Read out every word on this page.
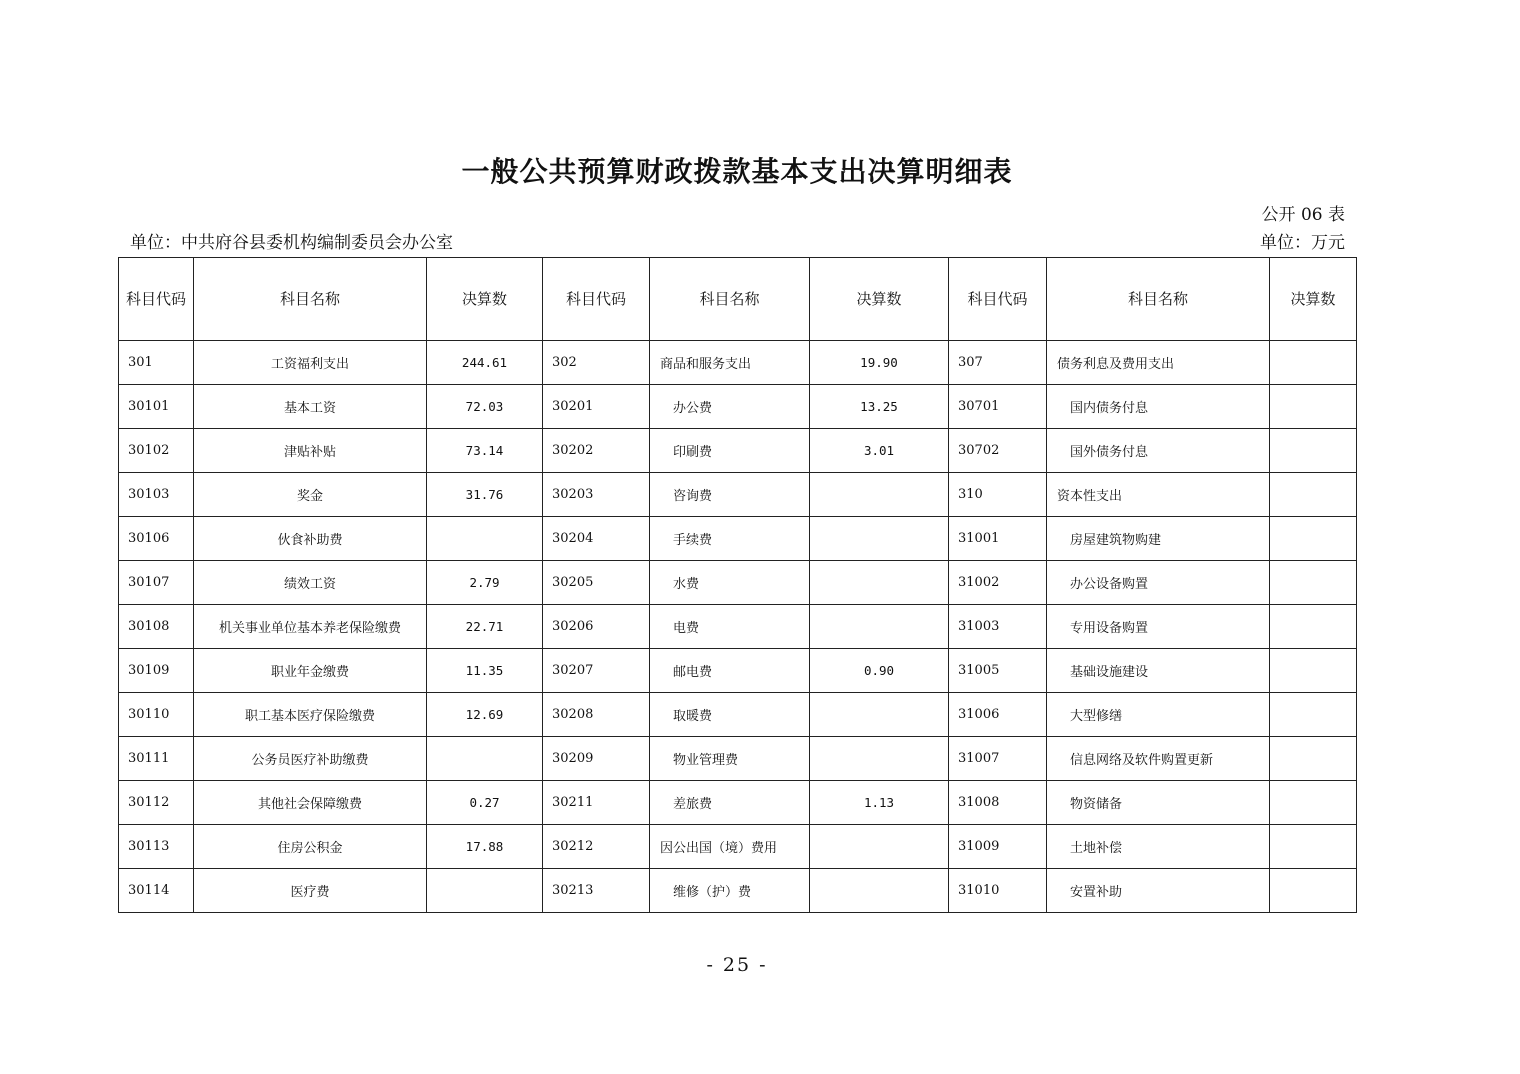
一般公共预算财政拨款基本支出决算明细表
公开 06 表
单位：中共府谷县委机构编制委员会办公室	单位：万元
科目代码	科目名称	决算数	科目代码	科目名称	决算数	科目代码	科目名称	决算数
301	工资福利支出	244.61	302	商品和服务支出	19.90	307	债务利息及费用支出	
30101	基本工资	72.03	30201	办公费	13.25	30701	国内债务付息	
30102	津贴补贴	73.14	30202	印刷费	3.01	30702	国外债务付息	
30103	奖金	31.76	30203	咨询费		310	资本性支出	
30106	伙食补助费		30204	手续费		31001	房屋建筑物购建	
30107	绩效工资	2.79	30205	水费		31002	办公设备购置	
30108	机关事业单位基本养老保险缴费	22.71	30206	电费		31003	专用设备购置	
30109	职业年金缴费	11.35	30207	邮电费	0.90	31005	基础设施建设	
30110	职工基本医疗保险缴费	12.69	30208	取暖费		31006	大型修缮	
30111	公务员医疗补助缴费		30209	物业管理费		31007	信息网络及软件购置更新	
30112	其他社会保障缴费	0.27	30211	差旅费	1.13	31008	物资储备	
30113	住房公积金	17.88	30212	因公出国（境）费用		31009	土地补偿	
30114	医疗费		30213	维修（护）费		31010	安置补助	
- 25 -
